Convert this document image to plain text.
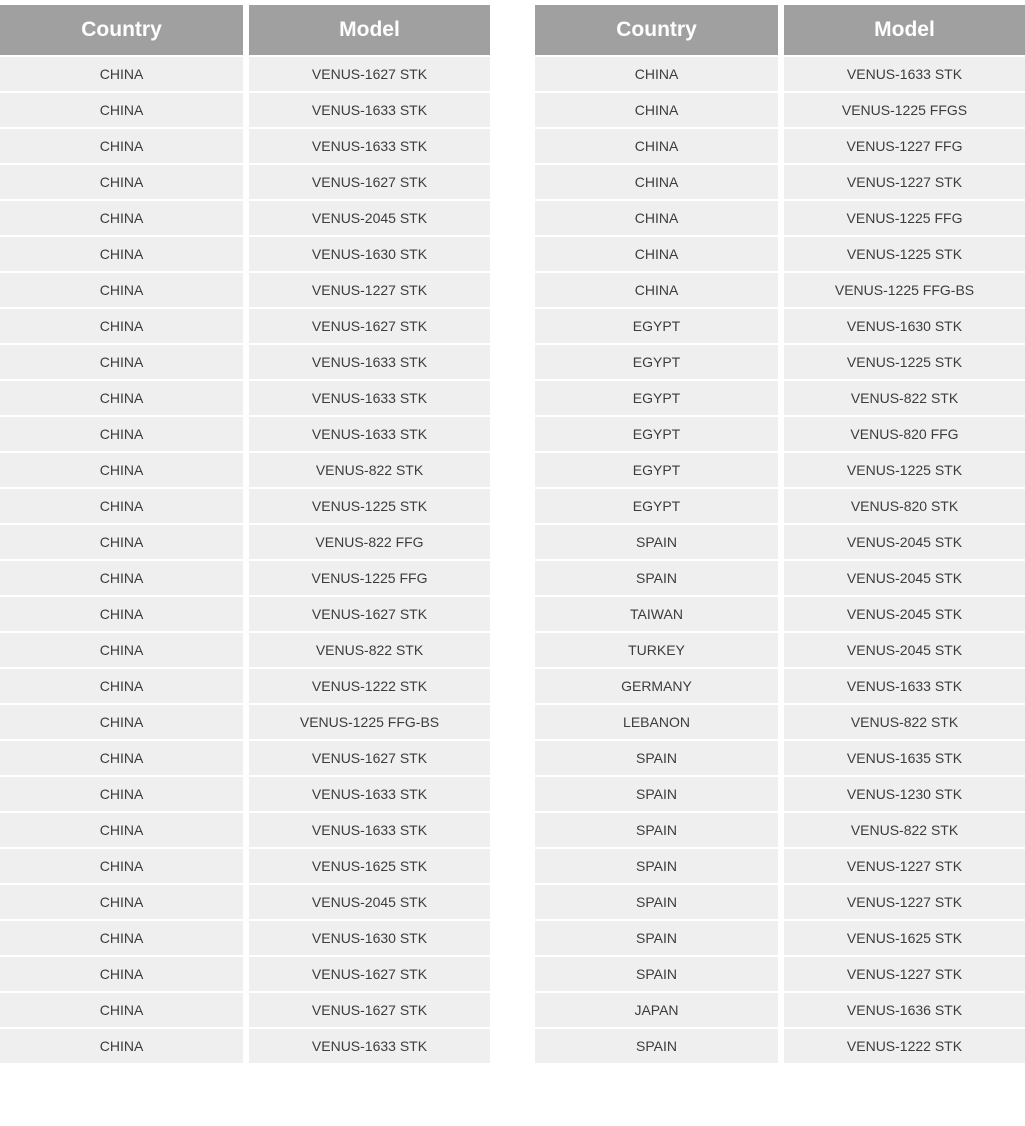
Country	Model
CHINA	VENUS-1627 STK
CHINA	VENUS-1633 STK
CHINA	VENUS-1633 STK
CHINA	VENUS-1627 STK
CHINA	VENUS-2045 STK
CHINA	VENUS-1630 STK
CHINA	VENUS-1227 STK
CHINA	VENUS-1627 STK
CHINA	VENUS-1633 STK
CHINA	VENUS-1633 STK
CHINA	VENUS-1633 STK
CHINA	VENUS-822 STK
CHINA	VENUS-1225 STK
CHINA	VENUS-822 FFG
CHINA	VENUS-1225 FFG
CHINA	VENUS-1627 STK
CHINA	VENUS-822 STK
CHINA	VENUS-1222 STK
CHINA	VENUS-1225 FFG-BS
CHINA	VENUS-1627 STK
CHINA	VENUS-1633 STK
CHINA	VENUS-1633 STK
CHINA	VENUS-1625 STK
CHINA	VENUS-2045 STK
CHINA	VENUS-1630 STK
CHINA	VENUS-1627 STK
CHINA	VENUS-1627 STK
CHINA	VENUS-1633 STK
Country	Model
CHINA	VENUS-1633 STK
CHINA	VENUS-1225 FFGS
CHINA	VENUS-1227 FFG
CHINA	VENUS-1227 STK
CHINA	VENUS-1225 FFG
CHINA	VENUS-1225 STK
CHINA	VENUS-1225 FFG-BS
EGYPT	VENUS-1630 STK
EGYPT	VENUS-1225 STK
EGYPT	VENUS-822 STK
EGYPT	VENUS-820 FFG
EGYPT	VENUS-1225 STK
EGYPT	VENUS-820 STK
SPAIN	VENUS-2045 STK
SPAIN	VENUS-2045 STK
TAIWAN	VENUS-2045 STK
TURKEY	VENUS-2045 STK
GERMANY	VENUS-1633 STK
LEBANON	VENUS-822 STK
SPAIN	VENUS-1635 STK
SPAIN	VENUS-1230 STK
SPAIN	VENUS-822 STK
SPAIN	VENUS-1227 STK
SPAIN	VENUS-1227 STK
SPAIN	VENUS-1625 STK
SPAIN	VENUS-1227 STK
JAPAN	VENUS-1636 STK
SPAIN	VENUS-1222 STK
